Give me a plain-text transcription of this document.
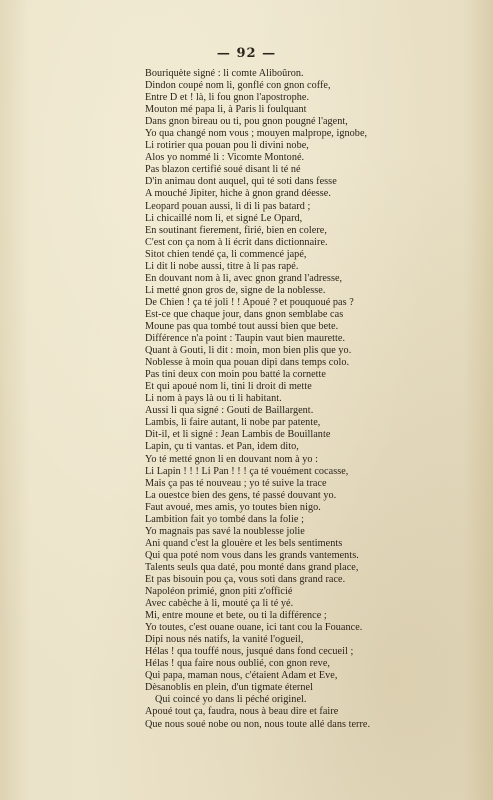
— 92 —
Bouriquète signé : li comte Aliboûron.
Dindon coupé nom li, gonflé con gnon coffe,
Entre D et ! là, li fou gnon l'apostrophe.
Mouton mé papa li, à Paris li foulquant
Dans gnon bireau ou ti, pou gnon pougné l'agent,
Yo qua changé nom vous ; mouyen malprope, ignobe,
Li rotirier qua pouan pou li divini nobe,
Alos yo nommé li : Vicomte Montoné.
Pas blazon certifié soué disant li té né
D'in animau dont auquel, qui té soti dans fesse
A mouché Jipiter, hiche à gnon grand déesse.
Leopard pouan aussi, li di li pas batard ;
Li chicaillé nom li, et signé Le Opard,
En soutinant fierement, firié, bien en colere,
C'est con ça nom à li écrit dans dictionnaire.
Sitot chien tendé ça, li commencé japé,
Li dit li nobe aussi, titre à li pas rapé.
En douvant nom à li, avec gnon grand l'adresse,
Li metté gnon gros de, signe de la noblesse.
De Chien ! ça té joli ! ! Apoué ? et pouquoué pas ?
Est-ce que chaque jour, dans gnon semblabe cas
Moune pas qua tombé tout aussi bien que bete.
Différence n'a point : Taupin vaut bien maurette.
Quant à Gouti, li dit : moin, mon bien plis que yo.
Noblesse à moin qua pouan dipi dans temps colo.
Pas tini deux con moin pou batté la cornette
Et qui apoué nom li, tini li droit di mette
Li nom à pays là ou ti li habitant.
Aussi li qua signé : Gouti de Baillargent.
Lambis, li faire autant, li nobe par patente,
Dit-il, et li signé : Jean Lambis de Bouillante
Lapin, çu ti vantas. et Pan, idem dito,
Yo té metté gnon li en douvant nom à yo :
Li Lapin ! ! ! Li Pan ! ! ! ça té vouément cocasse,
Mais ça pas té nouveau ; yo té suive la trace
La ouestce bien des gens, té passé douvant yo.
Faut avoué, mes amis, yo toutes bien nigo.
Lambition fait yo tombé dans la folie ;
Yo magnais pas savé la noublesse jolie
Ani quand c'est la glouère et les bels sentiments
Qui qua poté nom vous dans les grands vantements.
Talents seuls qua daté, pou monté dans grand place,
Et pas bisouin pou ça, vous soti dans grand race.
Napoléon primié, gnon piti z'officié
Avec cabèche à li, mouté ça li té yé.
Mi, entre moune et bete, ou ti la différence ;
Yo toutes, c'est ouane ouane, ici tant cou la Fouance.
Dipi nous nés natifs, la vanité l'ogueil,
Hélas ! qua touffé nous, jusqué dans fond cecueil ;
Hélas ! qua faire nous oublié, con gnon reve,
Qui papa, maman nous, c'étaient Adam et Eve,
Dèsanoblis en plein, d'un tigmate éternel
Qui coincé yo dans li péché originel.
Apoué tout ça, faudra, nous à beau dire et faire
Que nous soué nobe ou non, nous toute allé dans terre.
